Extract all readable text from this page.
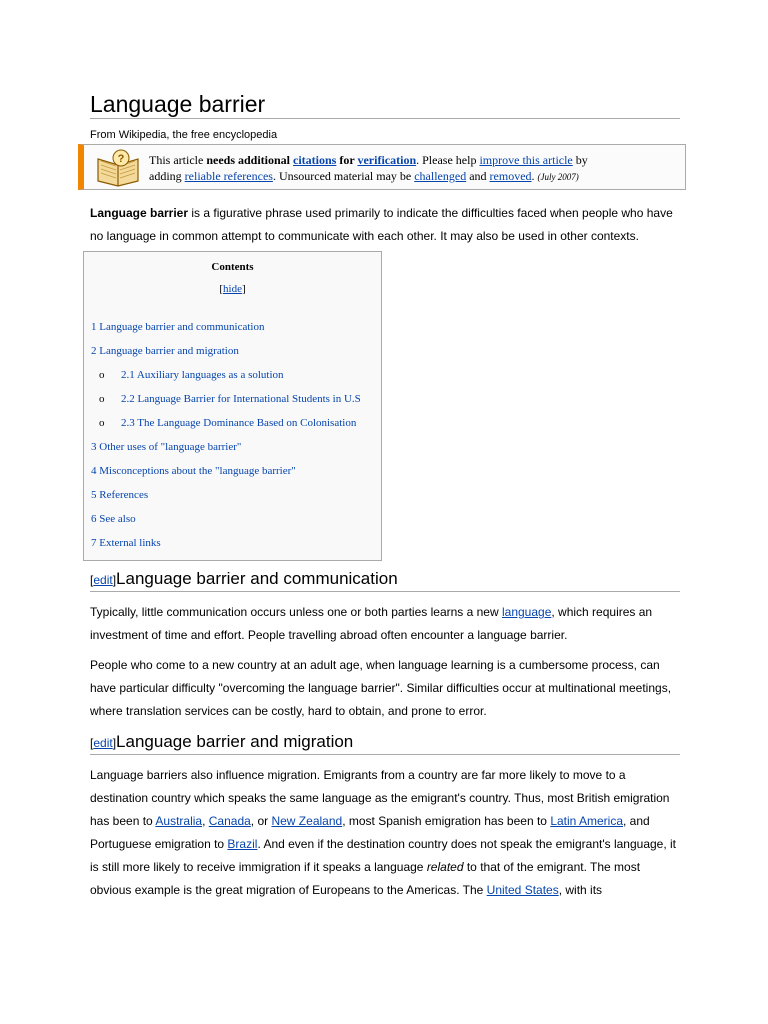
Language barrier
From Wikipedia, the free encyclopedia
? This article needs additional citations for verification. Please help improve this article by adding reliable references. Unsourced material may be challenged and removed. (July 2007)

Language barrier is a figurative phrase used primarily to indicate the difficulties faced when people who have no language in common attempt to communicate with each other. It may also be used in other contexts.

Contents
[hide]
1 Language barrier and communication
2 Language barrier and migration
o 2.1 Auxiliary languages as a solution
o 2.2 Language Barrier for International Students in U.S
o 2.3 The Language Dominance Based on Colonisation
3 Other uses of "language barrier"
4 Misconceptions about the "language barrier"
5 References
6 See also
7 External links
[edit]Language barrier and communication

Typically, little communication occurs unless one or both parties learns a new language, which requires an investment of time and effort. People travelling abroad often encounter a language barrier.

People who come to a new country at an adult age, when language learning is a cumbersome process, can have particular difficulty "overcoming the language barrier". Similar difficulties occur at multinational meetings, where translation services can be costly, hard to obtain, and prone to error.

[edit]Language barrier and migration

Language barriers also influence migration. Emigrants from a country are far more likely to move to a destination country which speaks the same language as the emigrant's country. Thus, most British emigration has been to Australia, Canada, or New Zealand, most Spanish emigration has been to Latin America, and Portuguese emigration to Brazil. And even if the destination country does not speak the emigrant's language, it is still more likely to receive immigration if it speaks a language related to that of the emigrant. The most obvious example is the great migration of Europeans to the Americas. The United States, with its
